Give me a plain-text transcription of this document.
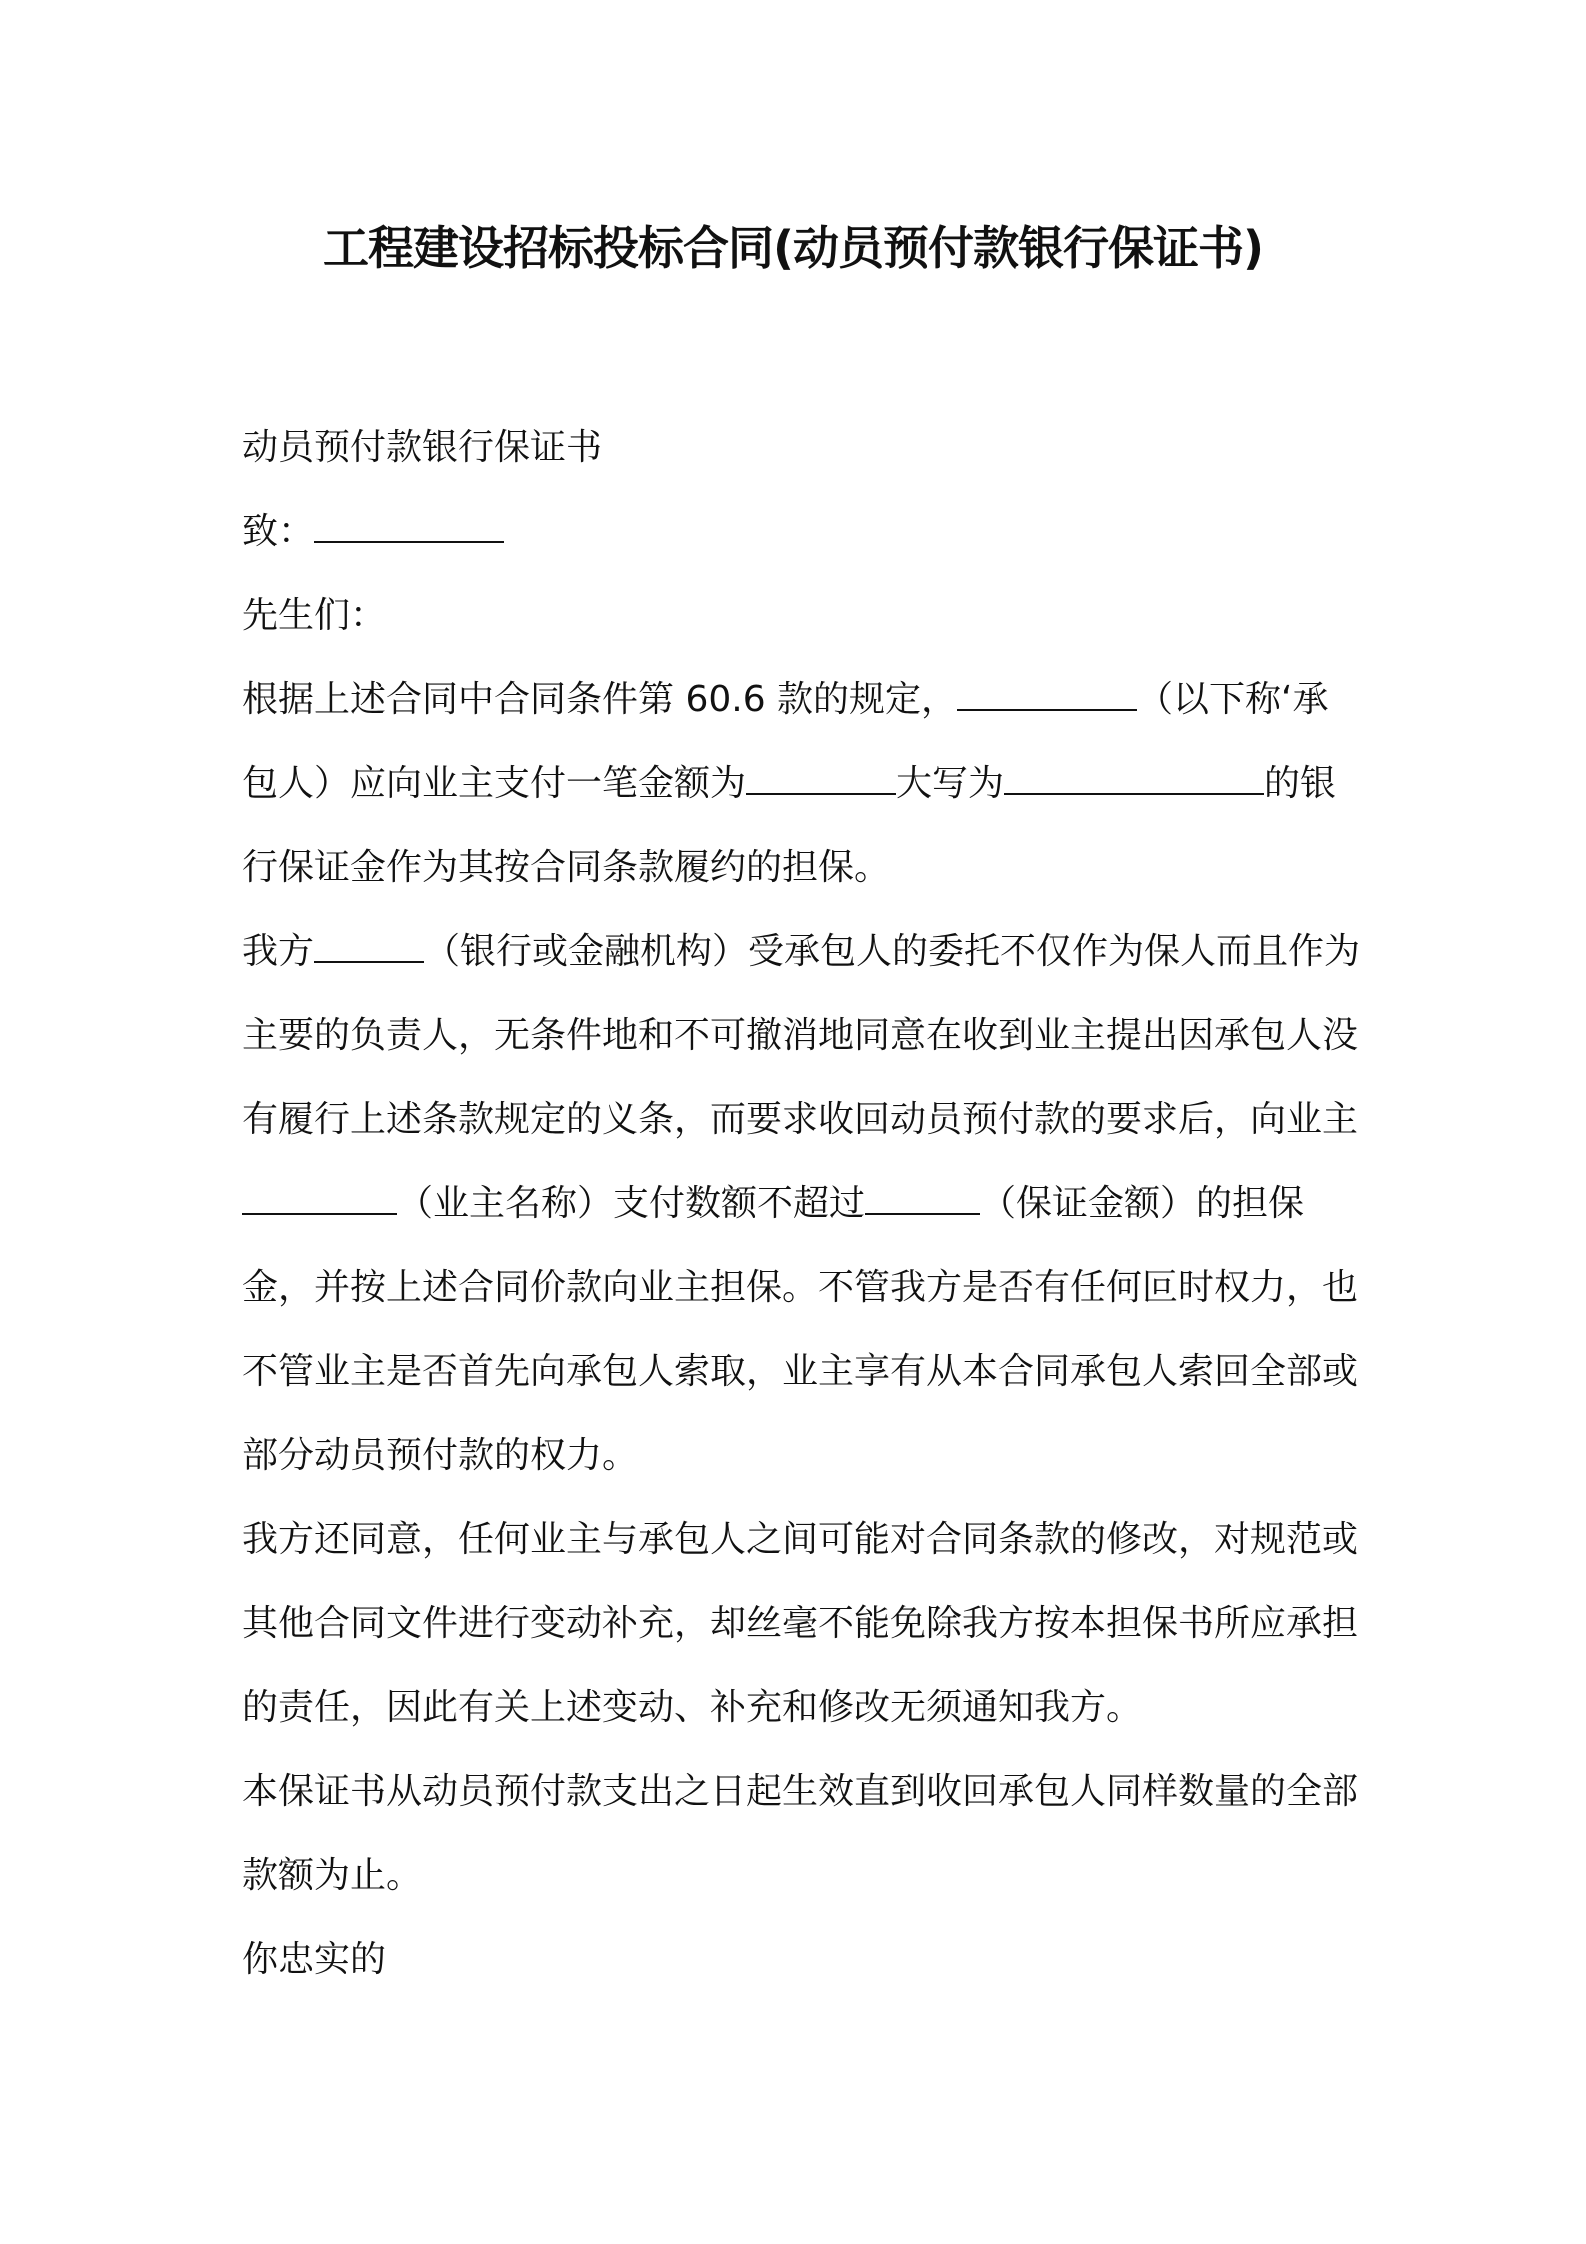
工程建设招标投标合同(动员预付款银行保证书)

动员预付款银行保证书

致：

先生们：

根据上述合同中合同条件第 60.6 款的规定，	（以下称‘承包人）应向业主支付一笔金额为	大写为	的银行保证金作为其按合同条款履约的担保。

我方	（银行或金融机构）受承包人的委托不仅作为保人而且作为主要的负责人，无条件地和不可撤消地同意在收到业主提出因承包人没有履行上述条款规定的义条，而要求收回动员预付款的要求后，向业主（业主名称）支付数额不超过	（保证金额）的担保金，并按上述合同价款向业主担保。不管我方是否有任何叵时权力，也不管业主是否首先向承包人索取，业主享有从本合同承包人索回全部或部分动员预付款的权力。

我方还同意，任何业主与承包人之间可能对合同条款的修改，对规范或其他合同文件进行变动补充，却丝毫不能免除我方按本担保书所应承担的责任，因此有关上述变动、补充和修改无须通知我方。

本保证书从动员预付款支出之日起生效直到收回承包人同样数量的全部款额为止。

你忠实的
